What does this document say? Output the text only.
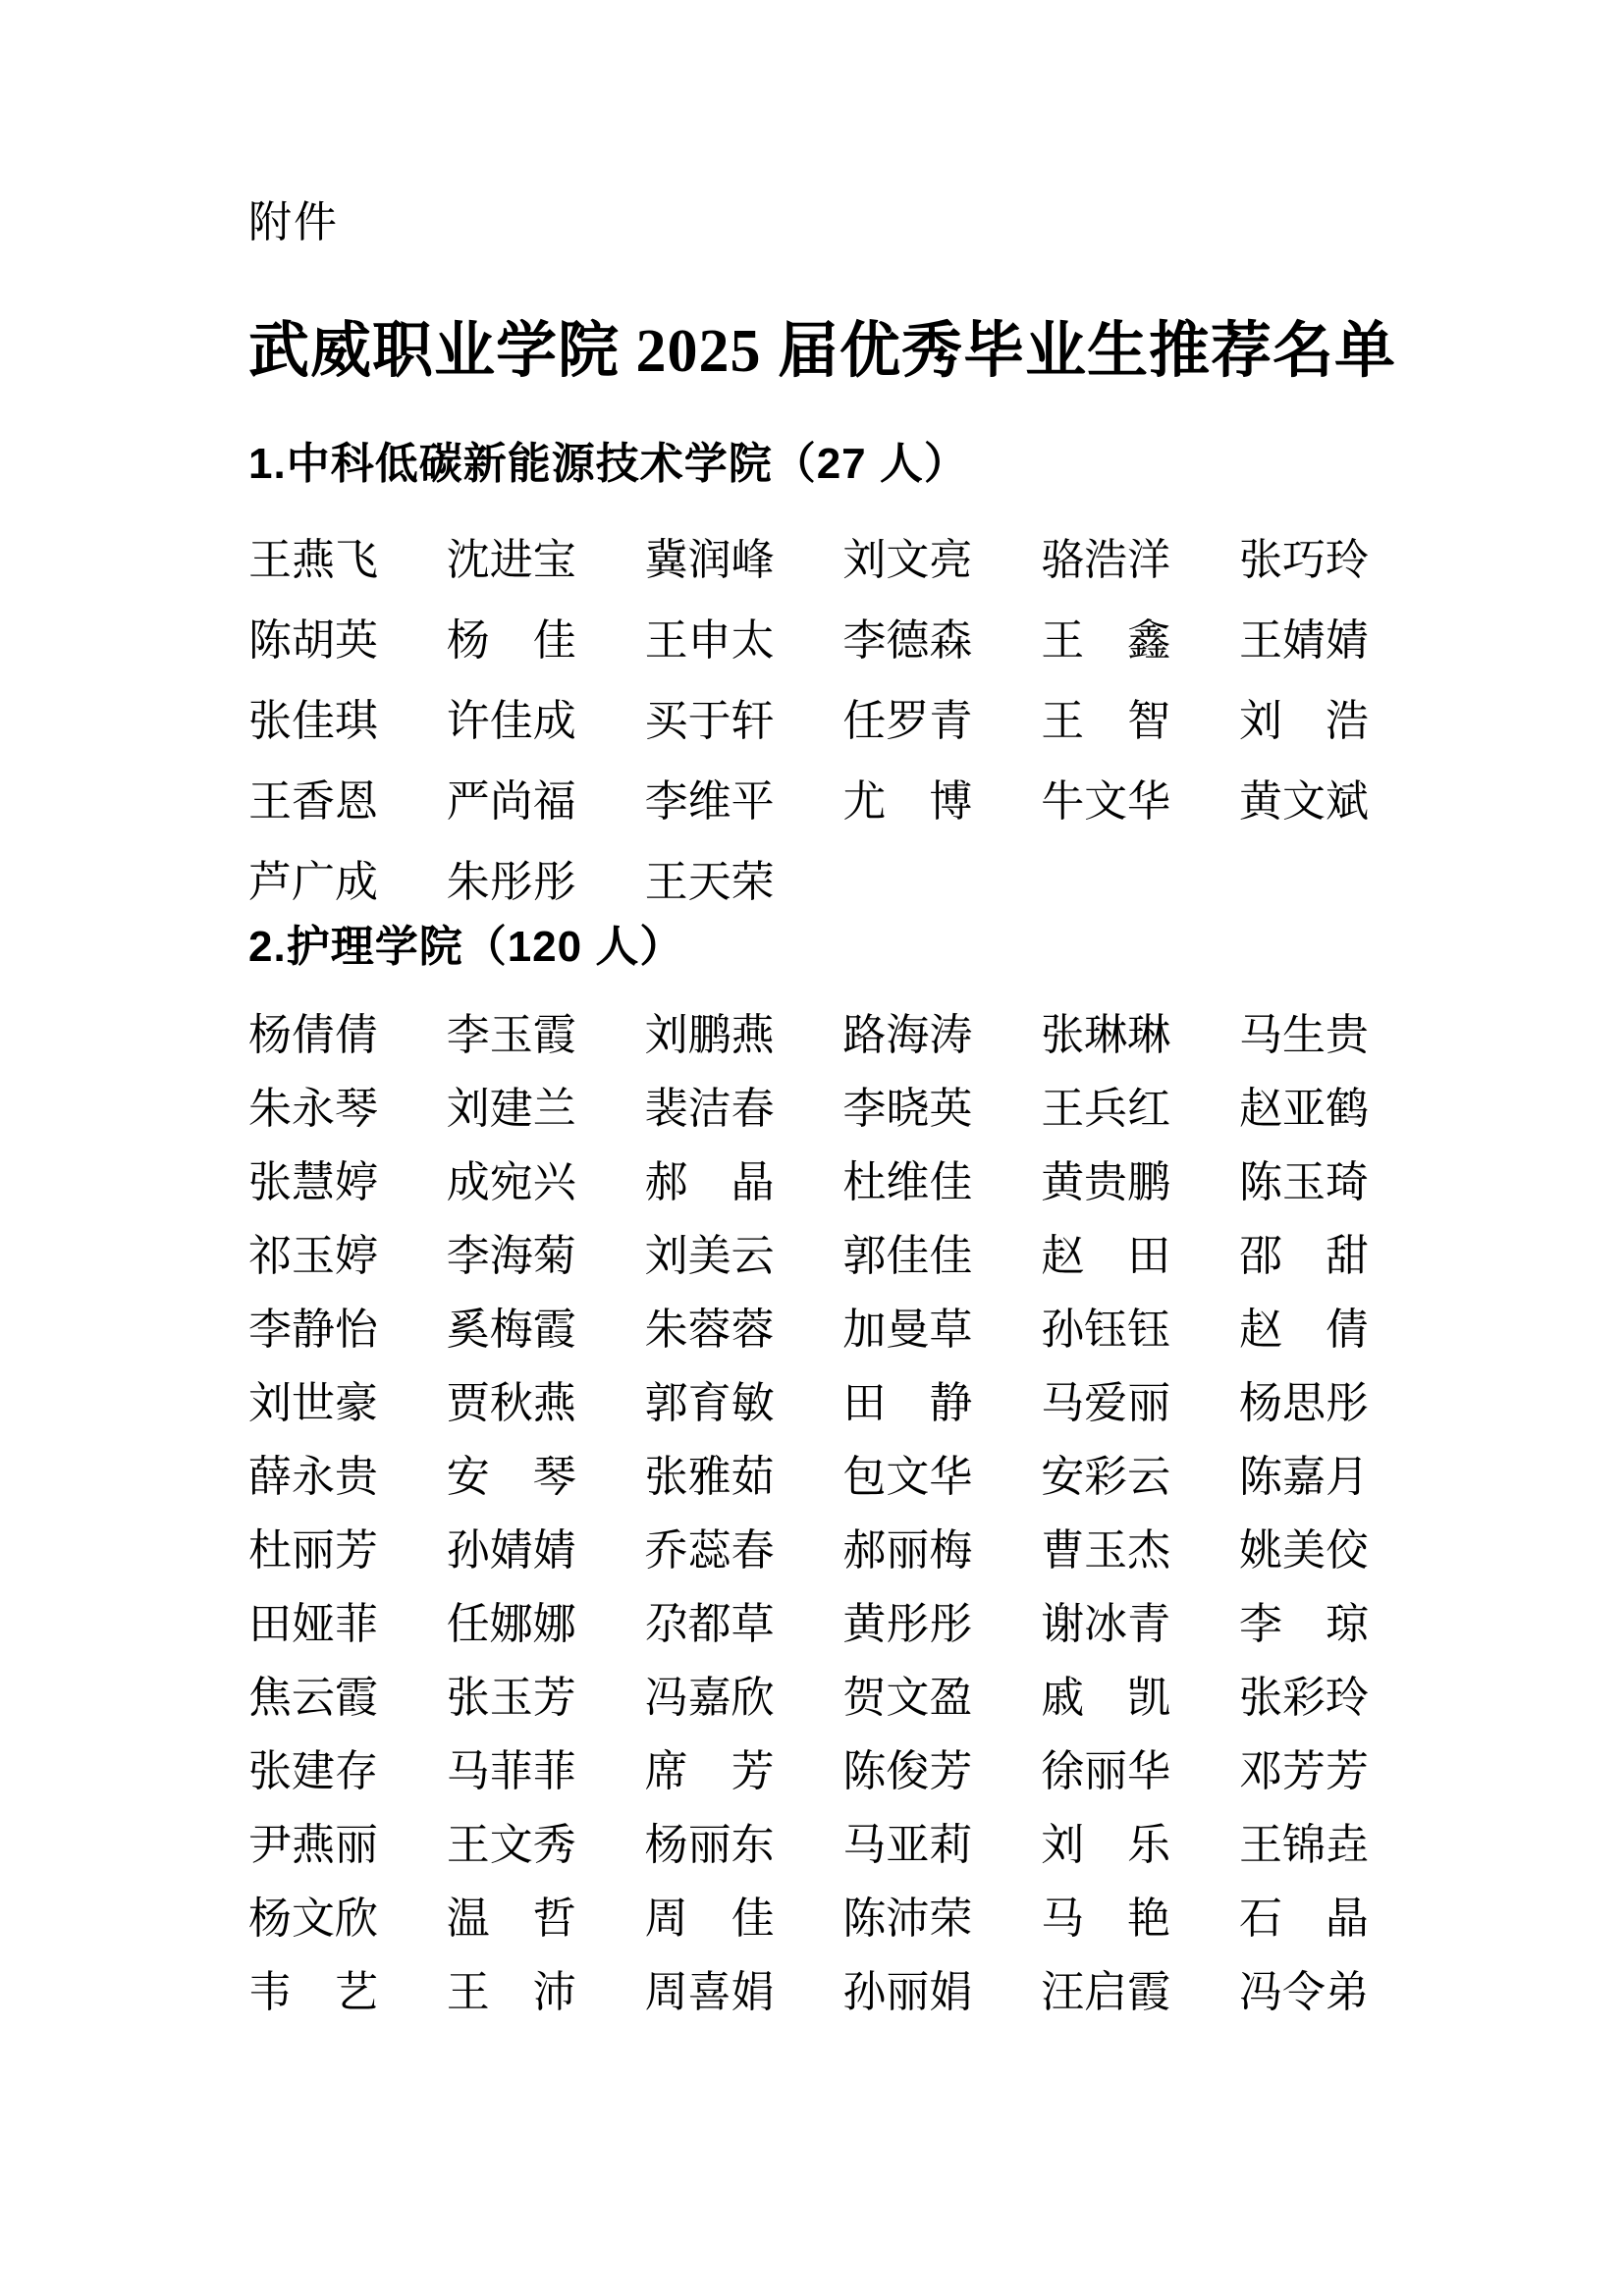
附件
武威职业学院 2025 届优秀毕业生推荐名单
1.中科低碳新能源技术学院（27 人）
王燕飞 沈进宝 冀润峰 刘文亮 骆浩洋 张巧玲
陈胡英 杨　佳 王申太 李德森 王　鑫 王婧婧
张佳琪 许佳成 买于轩 任罗青 王　智 刘　浩
王香恩 严尚福 李维平 尤　博 牛文华 黄文斌
芦广成 朱彤彤 王天荣
2.护理学院（120 人）
杨倩倩 李玉霞 刘鹏燕 路海涛 张琳琳 马生贵
朱永琴 刘建兰 裴洁春 李晓英 王兵红 赵亚鹤
张慧婷 成宛兴 郝　晶 杜维佳 黄贵鹏 陈玉琦
祁玉婷 李海菊 刘美云 郭佳佳 赵　田 邵　甜
李静怡 奚梅霞 朱蓉蓉 加曼草 孙钰钰 赵　倩
刘世豪 贾秋燕 郭育敏 田　静 马爱丽 杨思彤
薛永贵 安　琴 张雅茹 包文华 安彩云 陈嘉月
杜丽芳 孙婧婧 乔蕊春 郝丽梅 曹玉杰 姚美佼
田娅菲 任娜娜 尕都草 黄彤彤 谢冰青 李　琼
焦云霞 张玉芳 冯嘉欣 贺文盈 戚　凯 张彩玲
张建存 马菲菲 席　芳 陈俊芳 徐丽华 邓芳芳
尹燕丽 王文秀 杨丽东 马亚莉 刘　乐 王锦垚
杨文欣 温　哲 周　佳 陈沛荣 马　艳 石　晶
韦　艺 王　沛 周喜娟 孙丽娟 汪启霞 冯令弟
